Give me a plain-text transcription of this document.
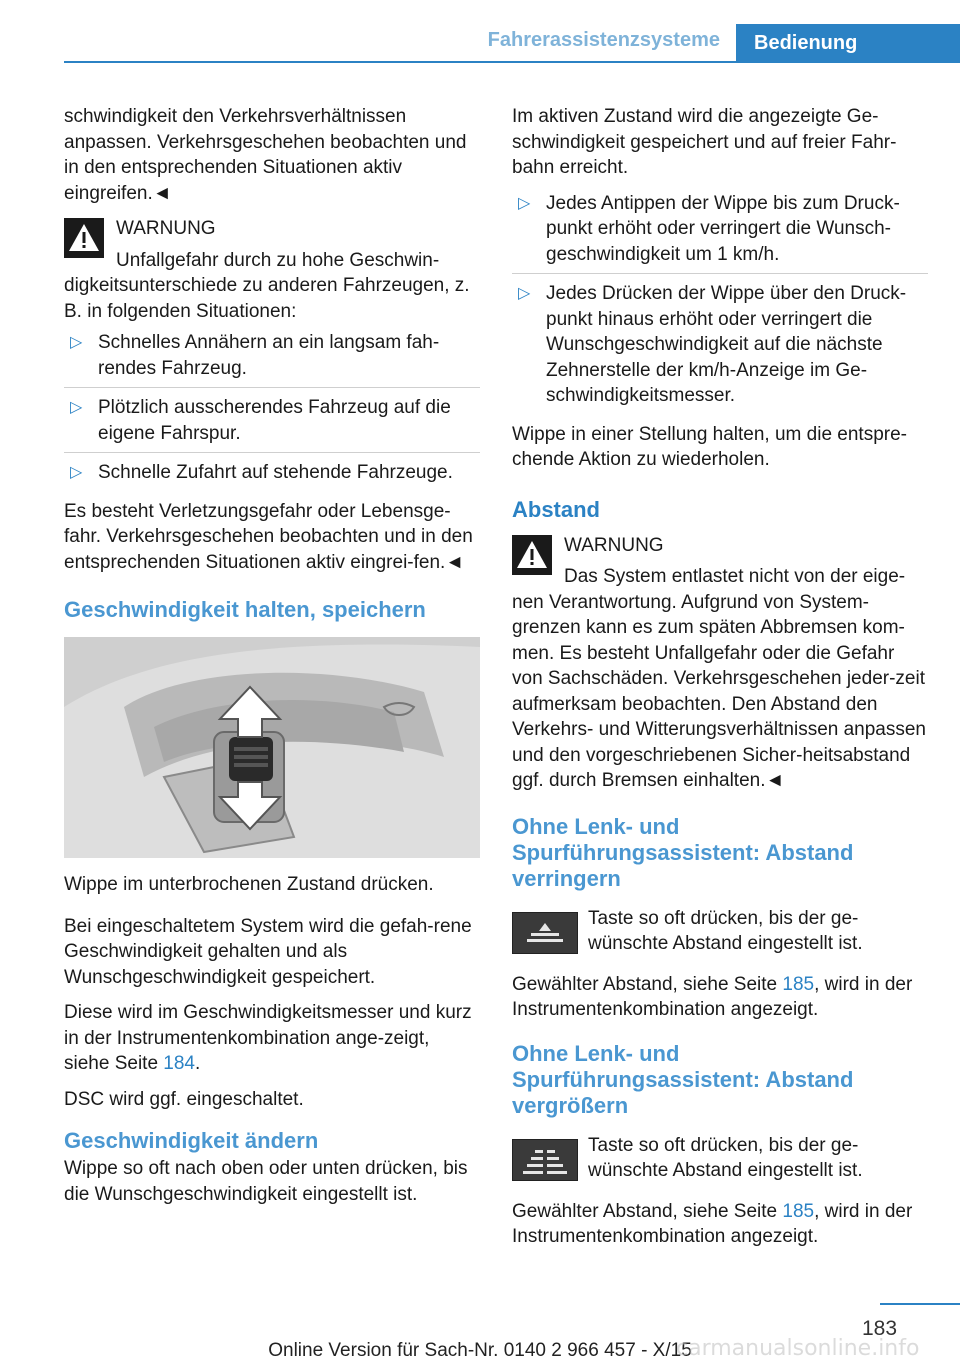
Fahrerassistenzsysteme	Bedienung

schwindigkeit den Verkehrsverhältnissen anpassen. Verkehrsgeschehen beobachten und in den entsprechenden Situationen aktiv eingreifen.◄

WARNUNG
Unfallgefahr durch zu hohe Geschwin-
digkeitsunterschiede zu anderen Fahrzeugen, z. B. in folgenden Situationen:
▷ Schnelles Annähern an ein langsam fah-rendes Fahrzeug.
▷ Plötzlich ausscherendes Fahrzeug auf die eigene Fahrspur.
▷ Schnelle Zufahrt auf stehende Fahrzeuge.

Es besteht Verletzungsgefahr oder Lebensge-fahr. Verkehrsgeschehen beobachten und in den entsprechenden Situationen aktiv eingrei-fen.◄

Geschwindigkeit halten, speichern

Wippe im unterbrochenen Zustand drücken.

Bei eingeschaltetem System wird die gefah-rene Geschwindigkeit gehalten und als Wunschgeschwindigkeit gespeichert.

Diese wird im Geschwindigkeitsmesser und kurz in der Instrumentenkombination ange-zeigt, siehe Seite 184.

DSC wird ggf. eingeschaltet.

Geschwindigkeit ändern

Wippe so oft nach oben oder unten drücken, bis die Wunschgeschwindigkeit eingestellt ist.

Im aktiven Zustand wird die angezeigte Ge-schwindigkeit gespeichert und auf freier Fahr-bahn erreicht.

▷ Jedes Antippen der Wippe bis zum Druck-punkt erhöht oder verringert die Wunsch-geschwindigkeit um 1 km/h.
▷ Jedes Drücken der Wippe über den Druck-punkt hinaus erhöht oder verringert die Wunschgeschwindigkeit auf die nächste Zehnerstelle der km/h-Anzeige im Ge-schwindigkeitsmesser.

Wippe in einer Stellung halten, um die entspre-chende Aktion zu wiederholen.

Abstand
WARNUNG
Das System entlastet nicht von der eige-
nen Verantwortung. Aufgrund von System-grenzen kann es zum späten Abbremsen kom-men. Es besteht Unfallgefahr oder die Gefahr von Sachschäden. Verkehrsgeschehen jeder-zeit aufmerksam beobachten. Den Abstand den Verkehrs- und Witterungsverhältnissen anpassen und den vorgeschriebenen Sicher-heitsabstand ggf. durch Bremsen einhalten.◄
Ohne Lenk- und Spurführungsassistent: Abstand verringern
Taste so oft drücken, bis der ge-wünschte Abstand eingestellt ist.

Gewählter Abstand, siehe Seite 185, wird in der Instrumentenkombination angezeigt.

Ohne Lenk- und Spurführungsassistent: Abstand vergrößern
Taste so oft drücken, bis der ge-wünschte Abstand eingestellt ist.

Gewählter Abstand, siehe Seite 185, wird in der Instrumentenkombination angezeigt.

183
Online Version für Sach-Nr. 0140 2 966 457 - X/15
carmanualsonline.info
